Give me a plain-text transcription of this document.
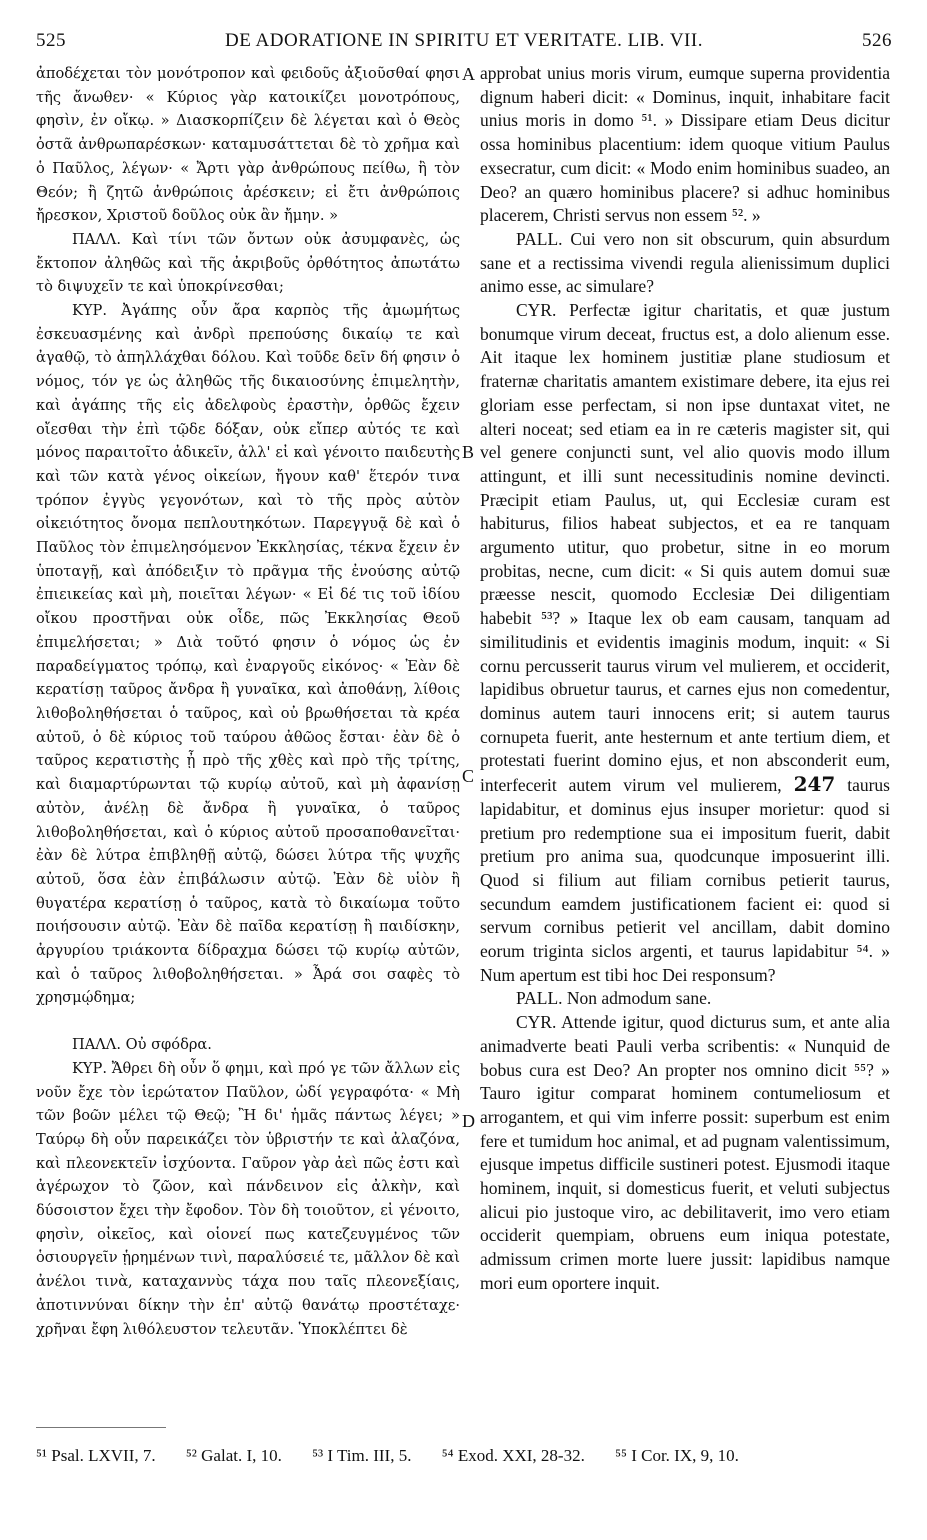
525	DE ADORATIONE IN SPIRITU ET VERITATE. LIB. VII.	526

ἀποδέχεται τὸν μονότροπον καὶ φειδοῦς ἀξιοῦσθαί φησι τῆς ἄνωθεν· « Κύριος γὰρ κατοικίζει μονοτρόπους, φησὶν, ἐν οἴκῳ. » Διασκορπίζειν δὲ λέγεται καὶ ὁ Θεὸς ὀστᾶ ἀνθρωπαρέσκων· καταμυσάττεται δὲ τὸ χρῆμα καὶ ὁ Παῦλος, λέγων· « Ἄρτι γὰρ ἀνθρώπους πείθω, ἢ τὸν Θεόν; ἢ ζητῶ ἀνθρώποις ἀρέσκειν; εἰ ἔτι ἀνθρώποις ἤρεσκον, Χριστοῦ δοῦλος οὐκ ἂν ἤμην. »

ΠΑΛΛ. Καὶ τίνι τῶν ὄντων οὐκ ἀσυμφανὲς, ὡς ἔκτοπον ἀληθῶς καὶ τῆς ἀκριβοῦς ὀρθότητος ἀπωτάτω τὸ διψυχεῖν τε καὶ ὑποκρίνεσθαι;

ΚΥΡ. Ἀγάπης οὖν ἄρα καρπὸς τῆς ἀμωμήτως ἐσκευασμένης καὶ ἀνδρὶ πρεπούσης δικαίῳ τε καὶ ἀγαθῷ, τὸ ἀπηλλάχθαι δόλου. Καὶ τοῦδε δεῖν δή φησιν ὁ νόμος, τόν γε ὡς ἀληθῶς τῆς δικαιοσύνης ἐπιμελητὴν, καὶ ἀγάπης τῆς εἰς ἀδελφοὺς ἐραστὴν, ὀρθῶς ἔχειν οἴεσθαι τὴν ἐπὶ τῷδε δόξαν, οὐκ εἴπερ αὐτός τε καὶ μόνος παραιτοῖτο ἀδικεῖν, ἀλλ' εἰ καὶ γένοιτο παιδευτὴς καὶ τῶν κατὰ γένος οἰκείων, ἤγουν καθ' ἕτερόν τινα τρόπον ἐγγὺς γεγονότων, καὶ τὸ τῆς πρὸς αὐτὸν οἰκειότητος ὄνομα πεπλουτηκότων. Παρεγγυᾷ δὲ καὶ ὁ Παῦλος τὸν ἐπιμελησόμενον Ἐκκλησίας, τέκνα ἔχειν ἐν ὑποταγῇ, καὶ ἀπόδειξιν τὸ πρᾶγμα τῆς ἐνούσης αὐτῷ ἐπιεικείας καὶ μὴ, ποιεῖται λέγων· « Εἰ δέ τις τοῦ ἰδίου οἴκου προστῆναι οὐκ οἶδε, πῶς Ἐκκλησίας Θεοῦ ἐπιμελήσεται; » Διὰ τοῦτό φησιν ὁ νόμος ὡς ἐν παραδείγματος τρόπῳ, καὶ ἐναργοῦς εἰκόνος· « Ἐὰν δὲ κερατίσῃ ταῦρος ἄνδρα ἢ γυναῖκα, καὶ ἀποθάνῃ, λίθοις λιθοβοληθήσεται ὁ ταῦρος, καὶ οὐ βρωθήσεται τὰ κρέα αὐτοῦ, ὁ δὲ κύριος τοῦ ταύρου ἀθῶος ἔσται· ἐὰν δὲ ὁ ταῦρος κερατιστὴς ᾖ πρὸ τῆς χθὲς καὶ πρὸ τῆς τρίτης, καὶ διαμαρτύρωνται τῷ κυρίῳ αὐτοῦ, καὶ μὴ ἀφανίσῃ αὐτὸν, ἀνέλῃ δὲ ἄνδρα ἢ γυναῖκα, ὁ ταῦρος λιθοβοληθήσεται, καὶ ὁ κύριος αὐτοῦ προσαποθανεῖται· ἐὰν δὲ λύτρα ἐπιβληθῇ αὐτῷ, δώσει λύτρα τῆς ψυχῆς αὐτοῦ, ὅσα ἐὰν ἐπιβάλωσιν αὐτῷ. Ἐὰν δὲ υἱὸν ἢ θυγατέρα κερατίσῃ ὁ ταῦρος, κατὰ τὸ δικαίωμα τοῦτο ποιήσουσιν αὐτῷ. Ἐὰν δὲ παῖδα κερατίσῃ ἢ παιδίσκην, ἀργυρίου τριάκοντα δίδραχμα δώσει τῷ κυρίῳ αὐτῶν, καὶ ὁ ταῦρος λιθοβοληθήσεται. » Ἆρά σοι σαφὲς τὸ χρησμῴδημα;

ΠΑΛΛ. Οὐ σφόδρα.

ΚΥΡ. Ἄθρει δὴ οὖν ὅ φημι, καὶ πρό γε τῶν ἄλλων εἰς νοῦν ἔχε τὸν ἱερώτατον Παῦλον, ὡδί γεγραφότα· « Μὴ τῶν βοῶν μέλει τῷ Θεῷ; Ἢ δι' ἡμᾶς πάντως λέγει; » Ταύρῳ δὴ οὖν παρεικάζει τὸν ὑβριστήν τε καὶ ἀλαζόνα, καὶ πλεονεκτεῖν ἰσχύοντα. Γαῦρον γὰρ ἀεὶ πῶς ἐστι καὶ ἀγέρωχον τὸ ζῶον, καὶ πάνδεινον εἰς ἀλκὴν, καὶ δύσοιστον ἔχει τὴν ἔφοδον. Τὸν δὴ τοιοῦτον, εἰ γένοιτο, φησὶν, οἰκεῖος, καὶ οἱονεί πως κατεζευγμένος τῶν ὁσιουργεῖν ᾑρημένων τινὶ, παραλύσειέ τε, μᾶλλον δὲ καὶ ἀνέλοι τινὰ, καταχαννὺς τάχα που ταῖς πλεονεξίαις, ἀποτιννύναι δίκην τὴν ἐπ' αὐτῷ θανάτῳ προστέταχε· χρῆναι ἔφη λιθόλευστον τελευτᾶν. Ὑποκλέπτει δὲ

A
B
C
D

approbat unius moris virum, eumque superna providentia dignum haberi dicit: « Dominus, inquit, inhabitare facit unius moris in domo ⁵¹. » Dissipare etiam Deus dicitur ossa hominibus placentium: idem quoque vitium Paulus exsecratur, cum dicit: « Modo enim hominibus suadeo, an Deo? an quæro hominibus placere? si adhuc hominibus placerem, Christi servus non essem ⁵². »

PALL. Cui vero non sit obscurum, quin absurdum sane et a rectissima vivendi regula alienissimum duplici animo esse, ac simulare?

CYR. Perfectæ igitur charitatis, et quæ justum bonumque virum deceat, fructus est, a dolo alienum esse. Ait itaque lex hominem justitiæ plane studiosum et fraternæ charitatis amantem existimare debere, ita ejus rei gloriam esse perfectam, si non ipse duntaxat vitet, ne alteri noceat; sed etiam ea in re cæteris magister sit, qui vel genere conjuncti sunt, vel alio quovis modo illum attingunt, et illi sunt necessitudinis nomine devincti. Præcipit etiam Paulus, ut, qui Ecclesiæ curam est habiturus, filios habeat subjectos, et ea re tanquam argumento utitur, quo probetur, sitne in eo morum probitas, necne, cum dicit: « Si quis autem domui suæ præesse nescit, quomodo Ecclesiæ Dei diligentiam habebit ⁵³? » Itaque lex ob eam causam, tanquam ad similitudinis et evidentis imaginis modum, inquit: « Si cornu percusserit taurus virum vel mulierem, et occiderit, lapidibus obruetur taurus, et carnes ejus non comedentur, dominus autem tauri innocens erit; si autem taurus cornupeta fuerit, ante hesternum et ante tertium diem, et protestati fuerint domino ejus, et non absconderit eum, interfecerit autem virum vel mulierem, 247 taurus lapidabitur, et dominus ejus insuper morietur: quod si pretium pro redemptione sua ei impositum fuerit, dabit pretium pro anima sua, quodcunque imposuerint illi. Quod si filium aut filiam cornibus petierit taurus, secundum eamdem justificationem facient ei: quod si servum cornibus petierit vel ancillam, dabit domino eorum triginta siclos argenti, et taurus lapidabitur ⁵⁴. » Num apertum est tibi hoc Dei responsum?

PALL. Non admodum sane.

CYR. Attende igitur, quod dicturus sum, et ante alia animadverte beati Pauli verba scribentis: « Nunquid de bobus cura est Deo? An propter nos omnino dicit ⁵⁵? » Tauro igitur comparat hominem contumeliosum et arrogantem, et qui vim inferre possit: superbum est enim fere et tumidum hoc animal, et ad pugnam valentissimum, ejusque impetus difficile sustineri potest. Ejusmodi itaque hominem, inquit, si domesticus fuerit, et veluti subjectus alicui pio justoque viro, ac debilitaverit, imo vero etiam occiderit quempiam, obruens eum iniqua potestate, admissum crimen morte luere jussit: lapidibus namque mori eum oportere inquit.

⁵¹ Psal. LXVII, 7. ⁵² Galat. I, 10. ⁵³ I Tim. III, 5. ⁵⁴ Exod. XXI, 28-32. ⁵⁵ I Cor. IX, 9, 10.
